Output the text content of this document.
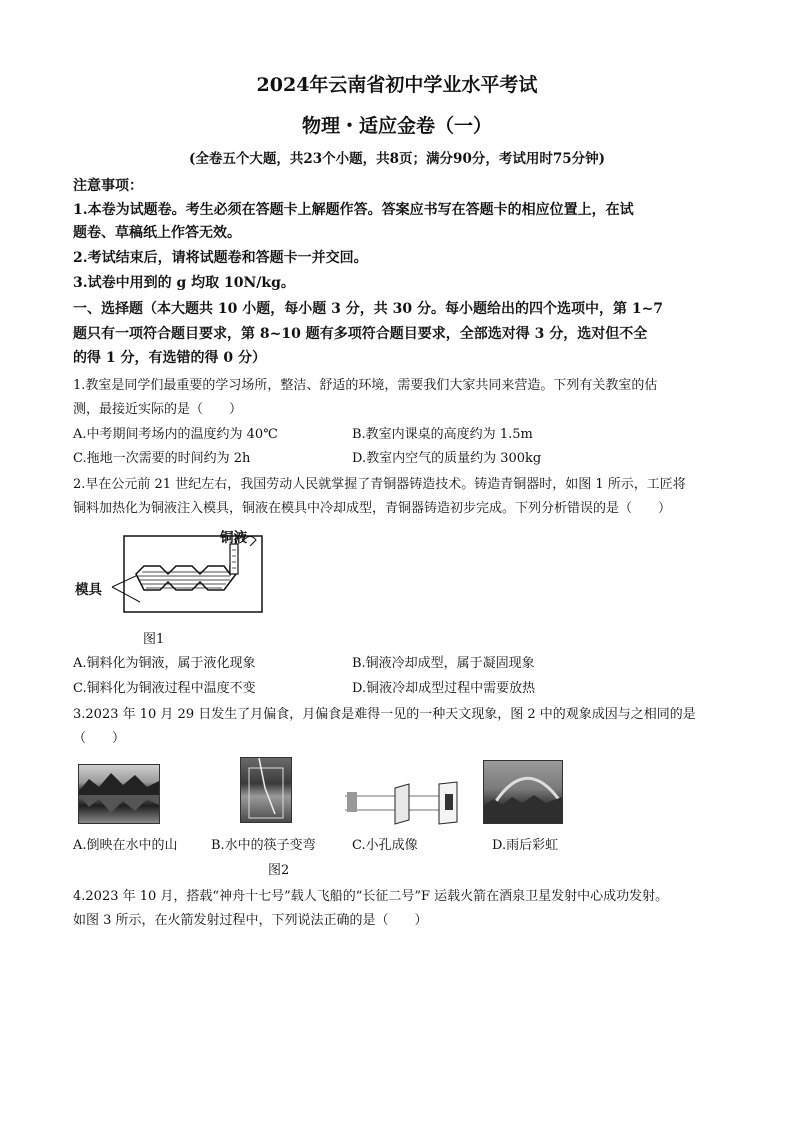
2024年云南省初中学业水平考试
物理・适应金卷（一）
(全卷五个大题，共23个小题，共8页；满分90分，考试用时75分钟)
注意事项：
1.本卷为试题卷。考生必须在答题卡上解题作答。答案应书写在答题卡的相应位置上，在试
题卷、草稿纸上作答无效。
2.考试结束后，请将试题卷和答题卡一并交回。
3.试卷中用到的 g 均取 10N/kg。
一、选择题（本大题共 10 小题，每小题 3 分，共 30 分。每小题给出的四个选项中，第 1~7
题只有一项符合题目要求，第 8~10 题有多项符合题目要求，全部选对得 3 分，选对但不全
的得 1 分，有选错的得 0 分）
1.教室是同学们最重要的学习场所，整洁、舒适的环境，需要我们大家共同来营造。下列有关教室的估
测，最接近实际的是（　　）
A.中考期间考场内的温度约为 40℃	B.教室内课桌的高度约为 1.5m
C.拖地一次需要的时间约为 2h	D.教室内空气的质量约为 300kg
2.早在公元前 21 世纪左右，我国劳动人民就掌握了青铜器铸造技术。铸造青铜器时，如图 1 所示，工匠将
铜料加热化为铜液注入模具，铜液在模具中冷却成型，青铜器铸造初步完成。下列分析错误的是（　　）
铜液
模具
图1
A.铜料化为铜液，属于液化现象	B.铜液冷却成型，属于凝固现象
C.铜料化为铜液过程中温度不变	D.铜液冷却成型过程中需要放热
3.2023 年 10 月 29 日发生了月偏食，月偏食是难得一见的一种天文现象，图 2 中的观象成因与之相同的是
（　　）
A.倒映在水中的山	B.水中的筷子变弯	C.小孔成像	D.雨后彩虹
图2
4.2023 年 10 月，搭载“神舟十七号”载人飞船的“长征二号”F 运载火箭在酒泉卫星发射中心成功发射。
如图 3 所示，在火箭发射过程中，下列说法正确的是（　　）
